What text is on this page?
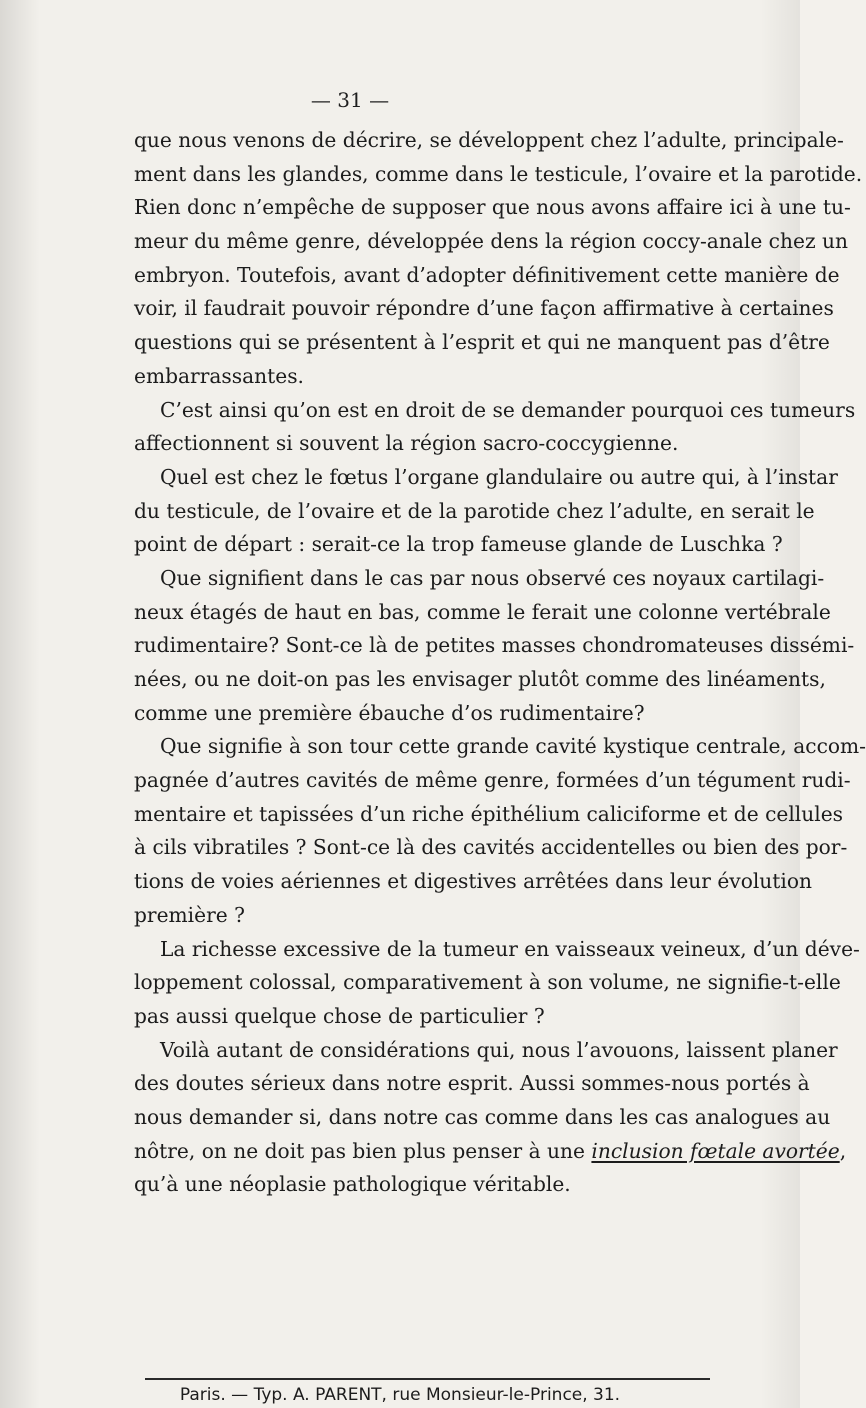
— 31 —
que nous venons de décrire, se développent chez l’adulte, principale-
ment dans les glandes, comme dans le testicule, l’ovaire et la parotide.
Rien donc n’empêche de supposer que nous avons affaire ici à une tu-
meur du même genre, développée dens la région coccy-anale chez un
embryon. Toutefois, avant d’adopter définitivement cette manière de
voir, il faudrait pouvoir répondre d’une façon affirmative à certaines
questions qui se présentent à l’esprit et qui ne manquent pas d’être
embarrassantes.
C’est ainsi qu’on est en droit de se demander pourquoi ces tumeurs
affectionnent si souvent la région sacro-coccygienne.
Quel est chez le fœtus l’organe glandulaire ou autre qui, à l’instar
du testicule, de l’ovaire et de la parotide chez l’adulte, en serait le
point de départ : serait-ce la trop fameuse glande de Luschka ?
Que signifient dans le cas par nous observé ces noyaux cartilagi-
neux étagés de haut en bas, comme le ferait une colonne vertébrale
rudimentaire? Sont-ce là de petites masses chondromateuses dissémi-
nées, ou ne doit-on pas les envisager plutôt comme des linéaments,
comme une première ébauche d’os rudimentaire?
Que signifie à son tour cette grande cavité kystique centrale, accom-
pagnée d’autres cavités de même genre, formées d’un tégument rudi-
mentaire et tapissées d’un riche épithélium caliciforme et de cellules
à cils vibratiles ? Sont-ce là des cavités accidentelles ou bien des por-
tions de voies aériennes et digestives arrêtées dans leur évolution
première ?
La richesse excessive de la tumeur en vaisseaux veineux, d’un déve-
loppement colossal, comparativement à son volume, ne signifie-t-elle
pas aussi quelque chose de particulier ?
Voilà autant de considérations qui, nous l’avouons, laissent planer
des doutes sérieux dans notre esprit. Aussi sommes-nous portés à
nous demander si, dans notre cas comme dans les cas analogues au
nôtre, on ne doit pas bien plus penser à une inclusion fœtale avortée,
qu’à une néoplasie pathologique véritable.
Paris. — Typ. A. PARENT, rue Monsieur-le-Prince, 31.
